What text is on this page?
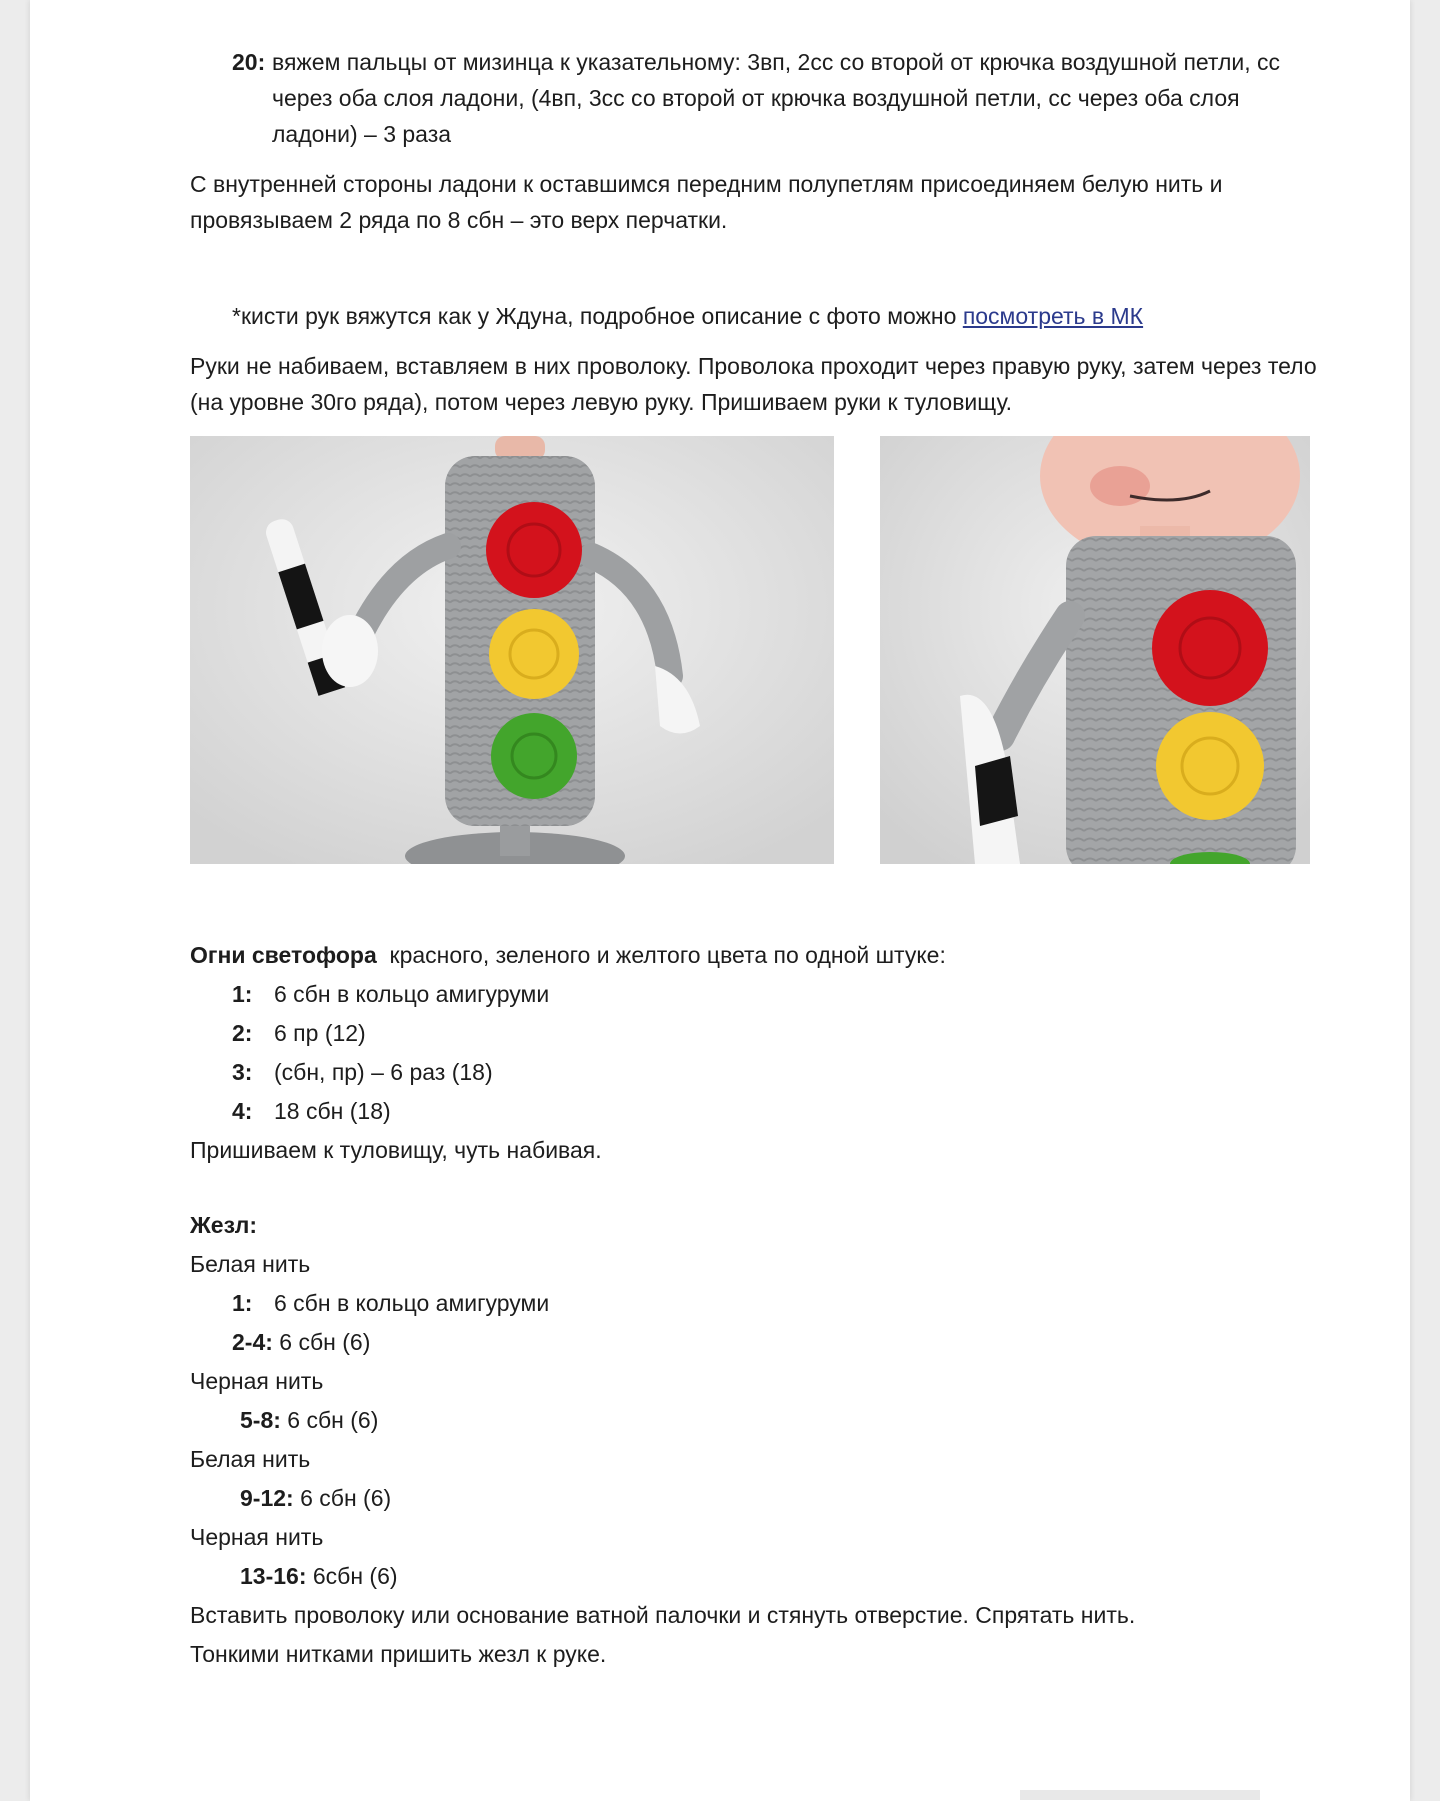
20: вяжем пальцы от мизинца к указательному: 3вп, 2сс со второй от крючка воздушной петли, сс через оба слоя ладони, (4вп, 3сс со второй от крючка воздушной петли, сс через оба слоя ладони) – 3 раза

С внутренней стороны ладони к оставшимся передним полупетлям присоединяем белую нить и провязываем 2 ряда по 8 сбн – это верх перчатки.

*кисти рук вяжутся как у Ждуна, подробное описание с фото можно посмотреть в МК

Руки не набиваем, вставляем в них проволоку. Проволока проходит через правую руку, затем через тело (на уровне 30го ряда), потом через левую руку. Пришиваем руки к туловищу.

Огни светофора  красного, зеленого и желтого цвета по одной штуке:

1: 6 сбн в кольцо амигуруми

2: 6 пр (12)

3: (сбн, пр) – 6 раз (18)

4: 18 сбн (18)

Пришиваем к туловищу, чуть набивая.

Жезл:

Белая нить

1: 6 сбн в кольцо амигуруми

2-4: 6 сбн (6)

Черная нить

5-8: 6 сбн (6)

Белая нить

9-12: 6 сбн (6)

Черная нить

13-16: 6сбн (6)

Вставить проволоку или основание ватной палочки и стянуть отверстие. Спрятать нить.

Тонкими нитками пришить жезл к руке.
